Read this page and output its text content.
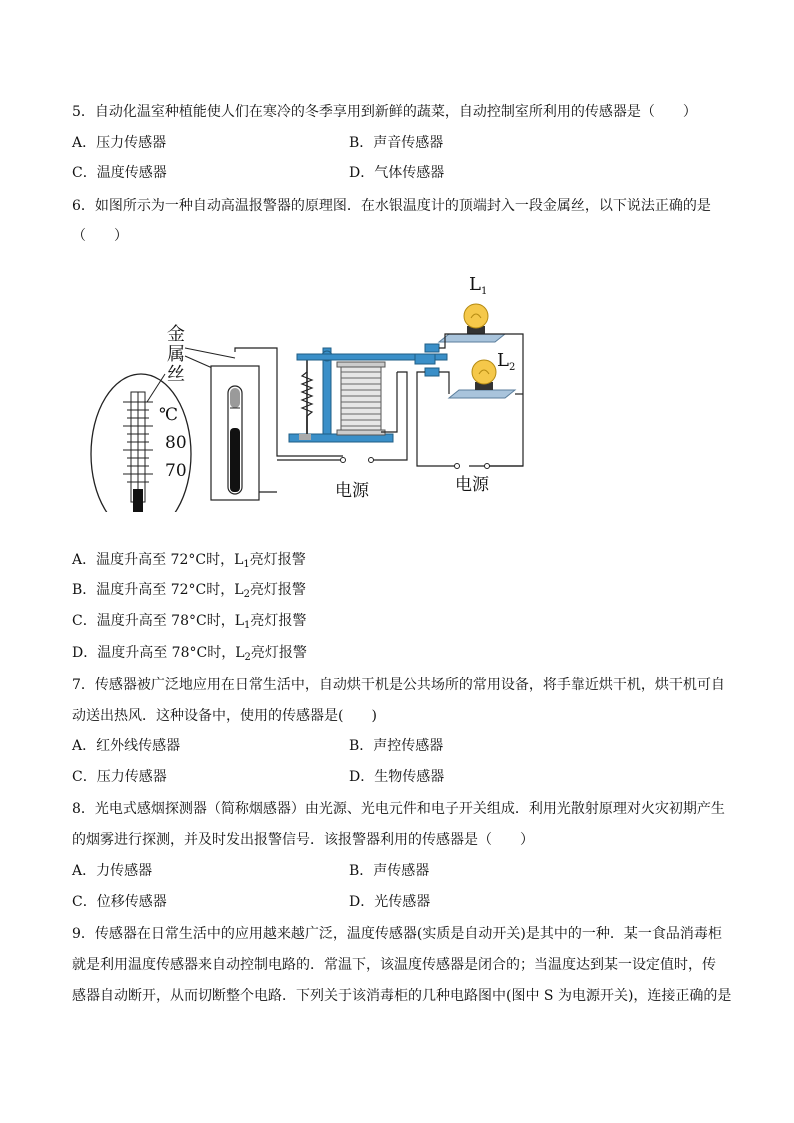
5．自动化温室种植能使人们在寒冷的冬季享用到新鲜的蔬菜，自动控制室所利用的传感器是（　　）
A．压力传感器	B．声音传感器
C．温度传感器	D．气体传感器
6．如图所示为一种自动高温报警器的原理图．在水银温度计的顶端封入一段金属丝，以下说法正确的是
（　　）
金
属
丝
℃
80
70
电源
$L_1$
$L_2$
电源
A．温度升高至 72°C时，$L_1$亮灯报警
B．温度升高至 72°C时，$L_2$亮灯报警
C．温度升高至 78°C时，$L_1$亮灯报警
D．温度升高至 78°C时，$L_2$亮灯报警
7．传感器被广泛地应用在日常生活中，自动烘干机是公共场所的常用设备，将手靠近烘干机，烘干机可自
动送出热风．这种设备中，使用的传感器是(　　)
A．红外线传感器	B．声控传感器
C．压力传感器	D．生物传感器
8．光电式感烟探测器（简称烟感器）由光源、光电元件和电子开关组成．利用光散射原理对火灾初期产生
的烟雾进行探测，并及时发出报警信号．该报警器利用的传感器是（　　）
A．力传感器	B．声传感器
C．位移传感器	D．光传感器
9．传感器在日常生活中的应用越来越广泛，温度传感器(实质是自动开关)是其中的一种．某一食品消毒柜
就是利用温度传感器来自动控制电路的．常温下，该温度传感器是闭合的；当温度达到某一设定值时，传
感器自动断开，从而切断整个电路．下列关于该消毒柜的几种电路图中(图中 S 为电源开关)，连接正确的是
